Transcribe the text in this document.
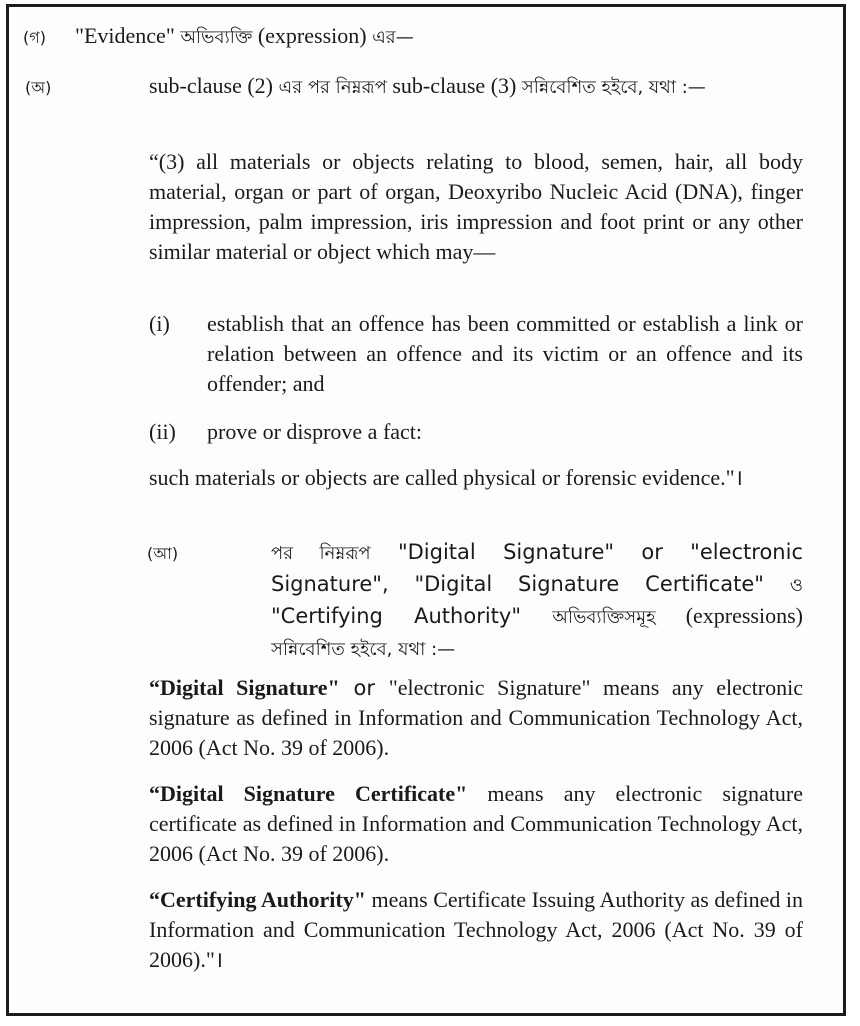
(গ) "Evidence" অভিব্যক্তি (expression) এর—

(অ)	sub-clause (2) এর পর নিম্নরূপ sub-clause (3) সন্নিবেশিত হইবে, যথা :—

“(3) all materials or objects relating to blood, semen, hair, all body material, organ or part of organ, Deoxyribo Nucleic Acid (DNA), finger impression, palm impression, iris impression and foot print or any other similar material or object which may—

(i) establish that an offence has been committed or establish a link or relation between an offence and its victim or an offence and its offender; and

(ii) prove or disprove a fact:

such materials or objects are called physical or forensic evidence."।

(আ)	পর নিম্নরূপ "Digital Signature" or "electronic Signature", "Digital Signature Certificate" ও "Certifying Authority" অভিব্যক্তিসমূহ (expressions) সন্নিবেশিত হইবে, যথা :—

“Digital Signature" or "electronic Signature" means any electronic signature as defined in Information and Communication Technology Act, 2006 (Act No. 39 of 2006).

“Digital Signature Certificate" means any electronic signature certificate as defined in Information and Communication Technology Act, 2006 (Act No. 39 of 2006).

“Certifying Authority" means Certificate Issuing Authority as defined in Information and Communication Technology Act, 2006 (Act No. 39 of 2006)."।
